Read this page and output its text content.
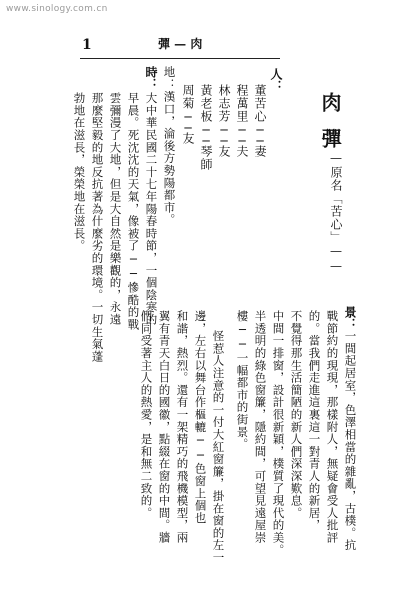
www.sinology.com.cn
1	彈 — 肉
肉彈
——原名「苦心」——
人：
董苦心──妻
程萬里──夫
林志芳──友
黃老板──琴師
周菊──友
地：漢口，淪後方勢陽都市。
時：
大中華民國二十七年陽春時節，一個陰寒的
早晨。死沈沈的天氣，像被了──慘酷的戰
雲彌漫了大地，但是大自然是樂觀的，永遠
那麼堅毅的地反抗著為什麼劣的環境。一切生氣蓬
勃地在滋長，榮榮地在滋長。
景：
一間起居室，色澤相當的雜亂，古樸。抗
戰節約的現現，那樣附人，無疑會受人批評
的。當我們走進這裏這一對青人的新居，
不覺得那生活簡陋的新人們深深歎息。
中間一排窗，設計很新穎，樸質了現代的美。
半透明的綠色窗簾，隱約間，可望見遠屋崇
樓──一幅都市的街景。
怪惹人注意的一付大紅窗簾，掛在窗的左一
邊，左右以舞台作樞轆──色窗上個也
和諧，熱烈。還有一架精巧的飛機模型，兩
翼有青天白日的國徽，點綴在窗的中間。牆
們同受著主人的熱愛，是和無二致的。
